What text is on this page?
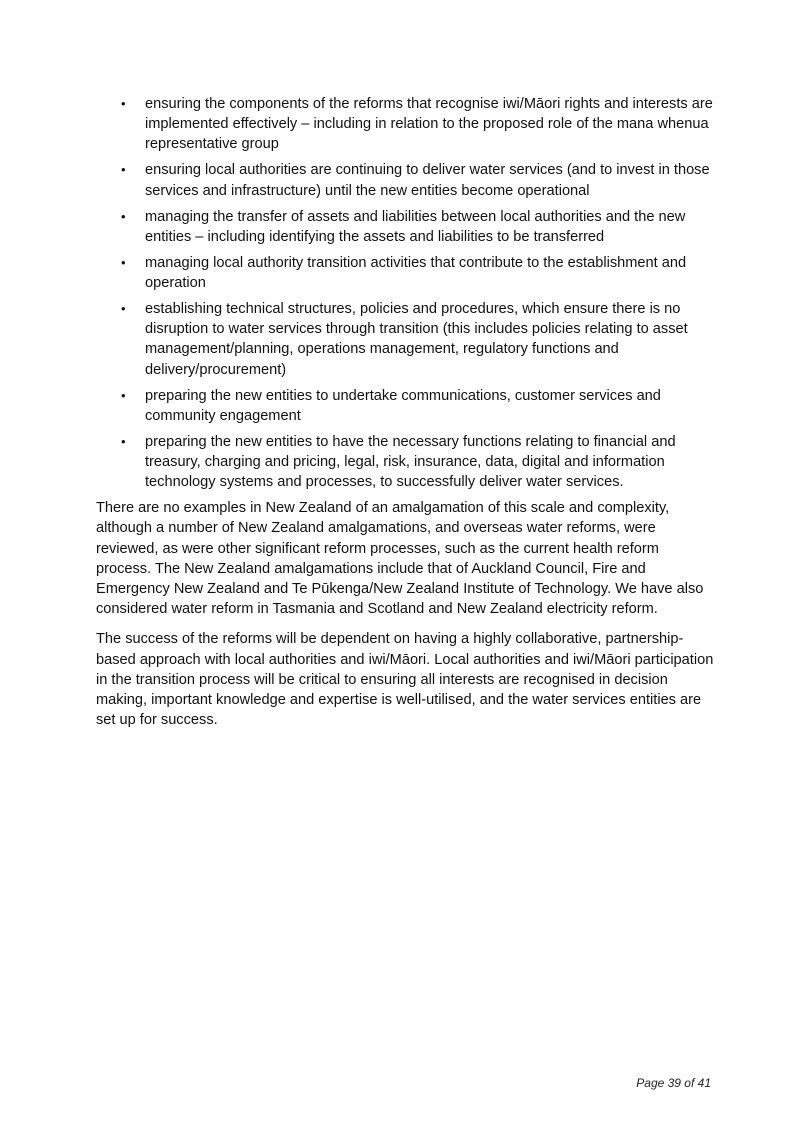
• ensuring the components of the reforms that recognise iwi/Māori rights and interests are implemented effectively – including in relation to the proposed role of the mana whenua representative group
• ensuring local authorities are continuing to deliver water services (and to invest in those services and infrastructure) until the new entities become operational
• managing the transfer of assets and liabilities between local authorities and the new entities – including identifying the assets and liabilities to be transferred
• managing local authority transition activities that contribute to the establishment and operation
• establishing technical structures, policies and procedures, which ensure there is no disruption to water services through transition (this includes policies relating to asset management/planning, operations management, regulatory functions and delivery/procurement)
• preparing the new entities to undertake communications, customer services and community engagement
• preparing the new entities to have the necessary functions relating to financial and treasury, charging and pricing, legal, risk, insurance, data, digital and information technology systems and processes, to successfully deliver water services.

There are no examples in New Zealand of an amalgamation of this scale and complexity, although a number of New Zealand amalgamations, and overseas water reforms, were reviewed, as were other significant reform processes, such as the current health reform process. The New Zealand amalgamations include that of Auckland Council, Fire and Emergency New Zealand and Te Pūkenga/New Zealand Institute of Technology. We have also considered water reform in Tasmania and Scotland and New Zealand electricity reform.

The success of the reforms will be dependent on having a highly collaborative, partnership-based approach with local authorities and iwi/Māori. Local authorities and iwi/Māori participation in the transition process will be critical to ensuring all interests are recognised in decision making, important knowledge and expertise is well-utilised, and the water services entities are set up for success.

Page 39 of 41
